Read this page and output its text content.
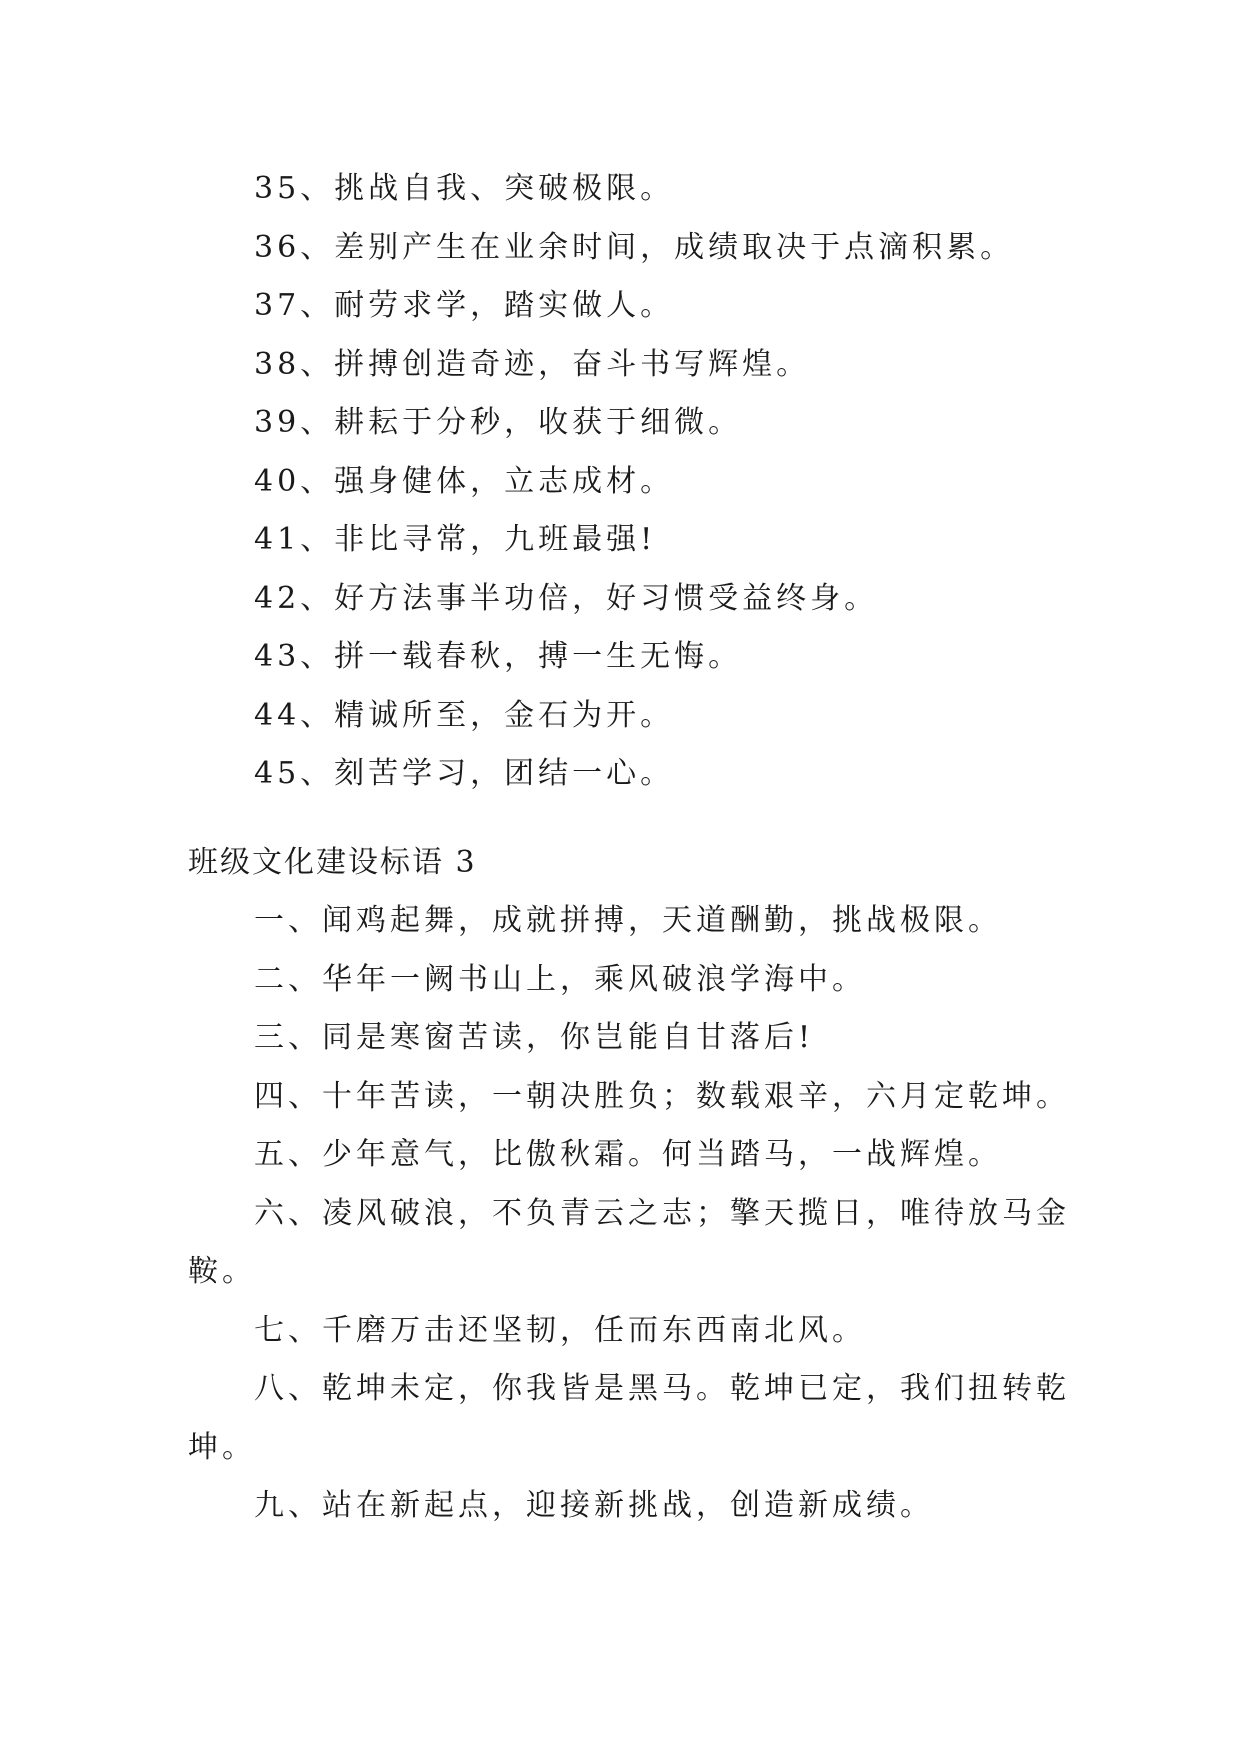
35、挑战自我、突破极限。

36、差别产生在业余时间，成绩取决于点滴积累。

37、耐劳求学，踏实做人。

38、拼搏创造奇迹，奋斗书写辉煌。

39、耕耘于分秒，收获于细微。

40、强身健体，立志成材。

41、非比寻常，九班最强!

42、好方法事半功倍，好习惯受益终身。

43、拼一载春秋，搏一生无悔。

44、精诚所至，金石为开。

45、刻苦学习，团结一心。

班级文化建设标语 3

一、闻鸡起舞，成就拼搏，天道酬勤，挑战极限。

二、华年一阙书山上，乘风破浪学海中。

三、同是寒窗苦读，你岂能自甘落后!

四、十年苦读，一朝决胜负；数载艰辛，六月定乾坤。

五、少年意气，比傲秋霜。何当踏马，一战辉煌。

六、凌风破浪，不负青云之志；擎天揽日，唯待放马金

鞍。

七、千磨万击还坚韧，任而东西南北风。

八、乾坤未定，你我皆是黑马。乾坤已定，我们扭转乾

坤。

九、站在新起点，迎接新挑战，创造新成绩。
